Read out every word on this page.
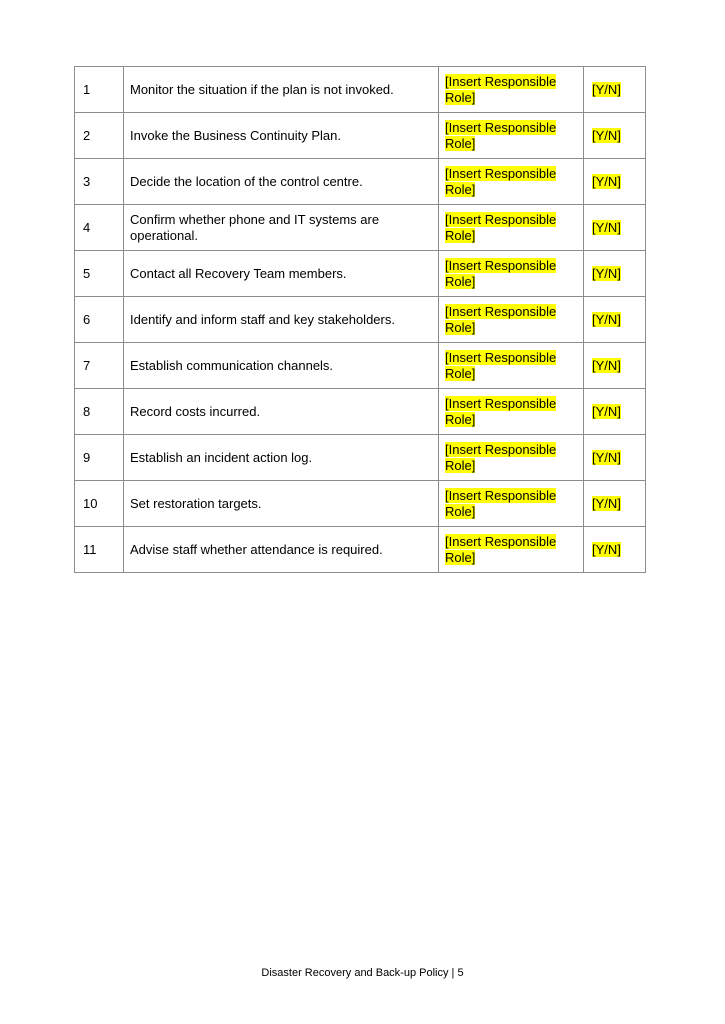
1	Monitor the situation if the plan is not invoked.	[Insert Responsible
Role]	[Y/N]
2	Invoke the Business Continuity Plan.	[Insert Responsible
Role]	[Y/N]
3	Decide the location of the control centre.	[Insert Responsible
Role]	[Y/N]
4	Confirm whether phone and IT systems are operational.	[Insert Responsible
Role]	[Y/N]
5	Contact all Recovery Team members.	[Insert Responsible
Role]	[Y/N]
6	Identify and inform staff and key stakeholders.	[Insert Responsible
Role]	[Y/N]
7	Establish communication channels.	[Insert Responsible
Role]	[Y/N]
8	Record costs incurred.	[Insert Responsible
Role]	[Y/N]
9	Establish an incident action log.	[Insert Responsible
Role]	[Y/N]
10	Set restoration targets.	[Insert Responsible
Role]	[Y/N]
11	Advise staff whether attendance is required.	[Insert Responsible
Role]	[Y/N]
Disaster Recovery and Back-up Policy | 5
